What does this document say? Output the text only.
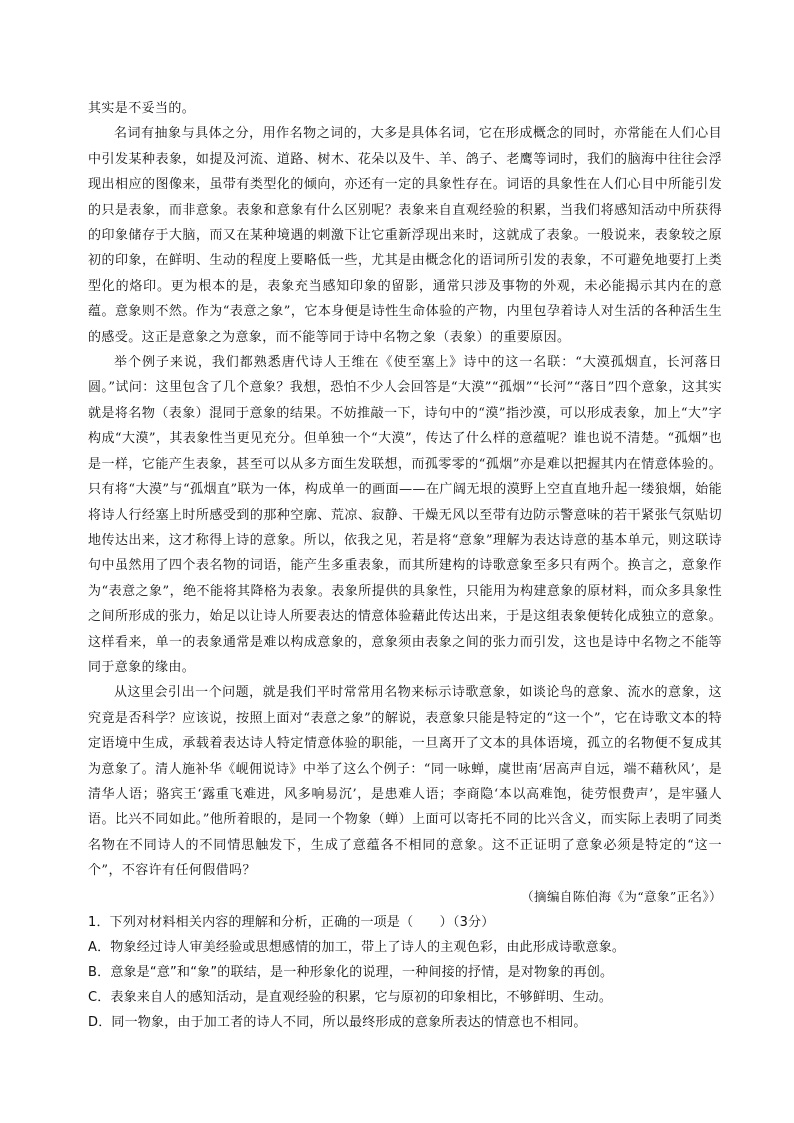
其实是不妥当的。

名词有抽象与具体之分，用作名物之词的，大多是具体名词，它在形成概念的同时，亦常能在人们心目中引发某种表象，如提及河流、道路、树木、花朵以及牛、羊、鸽子、老鹰等词时，我们的脑海中往往会浮现出相应的图像来，虽带有类型化的倾向，亦还有一定的具象性存在。词语的具象性在人们心目中所能引发的只是表象，而非意象。表象和意象有什么区别呢？表象来自直观经验的积累，当我们将感知活动中所获得的印象储存于大脑，而又在某种境遇的刺激下让它重新浮现出来时，这就成了表象。一般说来，表象较之原初的印象，在鲜明、生动的程度上要略低一些，尤其是由概念化的语词所引发的表象，不可避免地要打上类型化的烙印。更为根本的是，表象充当感知印象的留影，通常只涉及事物的外观，未必能揭示其内在的意蕴。意象则不然。作为“表意之象”，它本身便是诗性生命体验的产物，内里包孕着诗人对生活的各种活生生的感受。这正是意象之为意象，而不能等同于诗中名物之象（表象）的重要原因。

举个例子来说，我们都熟悉唐代诗人王维在《使至塞上》诗中的这一名联：“大漠孤烟直，长河落日圆。”试问：这里包含了几个意象？我想，恐怕不少人会回答是“大漠”“孤烟”“长河”“落日”四个意象，这其实就是将名物（表象）混同于意象的结果。不妨推敲一下，诗句中的“漠”指沙漠，可以形成表象，加上“大”字构成“大漠”，其表象性当更见充分。但单独一个“大漠”，传达了什么样的意蕴呢？谁也说不清楚。“孤烟”也是一样，它能产生表象，甚至可以从多方面生发联想，而孤零零的“孤烟”亦是难以把握其内在情意体验的。只有将“大漠”与“孤烟直”联为一体，构成单一的画面——在广阔无垠的漠野上空直直地升起一缕狼烟，始能将诗人行经塞上时所感受到的那种空廓、荒凉、寂静、干燥无风以至带有边防示警意味的若干紧张气氛贴切地传达出来，这才称得上诗的意象。所以，依我之见，若是将“意象”理解为表达诗意的基本单元，则这联诗句中虽然用了四个表名物的词语，能产生多重表象，而其所建构的诗歌意象至多只有两个。换言之，意象作为“表意之象”，绝不能将其降格为表象。表象所提供的具象性，只能用为构建意象的原材料，而众多具象性之间所形成的张力，始足以让诗人所要表达的情意体验藉此传达出来，于是这组表象便转化成独立的意象。这样看来，单一的表象通常是难以构成意象的，意象须由表象之间的张力而引发，这也是诗中名物之不能等同于意象的缘由。

从这里会引出一个问题，就是我们平时常常用名物来标示诗歌意象，如谈论鸟的意象、流水的意象，这究竟是否科学？应该说，按照上面对“表意之象”的解说，表意象只能是特定的“这一个”，它在诗歌文本的特定语境中生成，承载着表达诗人特定情意体验的职能，一旦离开了文本的具体语境，孤立的名物便不复成其为意象了。清人施补华《岘佣说诗》中举了这么个例子：“同一咏蝉，虞世南‘居高声自远，端不藉秋风’，是清华人语；骆宾王‘露重飞难进，风多响易沉’，是患难人语；李商隐‘本以高难饱，徒劳恨费声’，是牢骚人语。比兴不同如此。”他所着眼的，是同一个物象（蝉）上面可以寄托不同的比兴含义，而实际上表明了同类名物在不同诗人的不同情思触发下，生成了意蕴各不相同的意象。这不正证明了意象必须是特定的“这一个”，不容许有任何假借吗？

（摘编自陈伯海《为“意象”正名》）

1．下列对材料相关内容的理解和分析，正确的一项是（　　）（3分）

A．物象经过诗人审美经验或思想感情的加工，带上了诗人的主观色彩，由此形成诗歌意象。

B．意象是“意”和“象”的联结，是一种形象化的说理，一种间接的抒情，是对物象的再创。

C．表象来自人的感知活动，是直观经验的积累，它与原初的印象相比，不够鲜明、生动。

D．同一物象，由于加工者的诗人不同，所以最终形成的意象所表达的情意也不相同。
